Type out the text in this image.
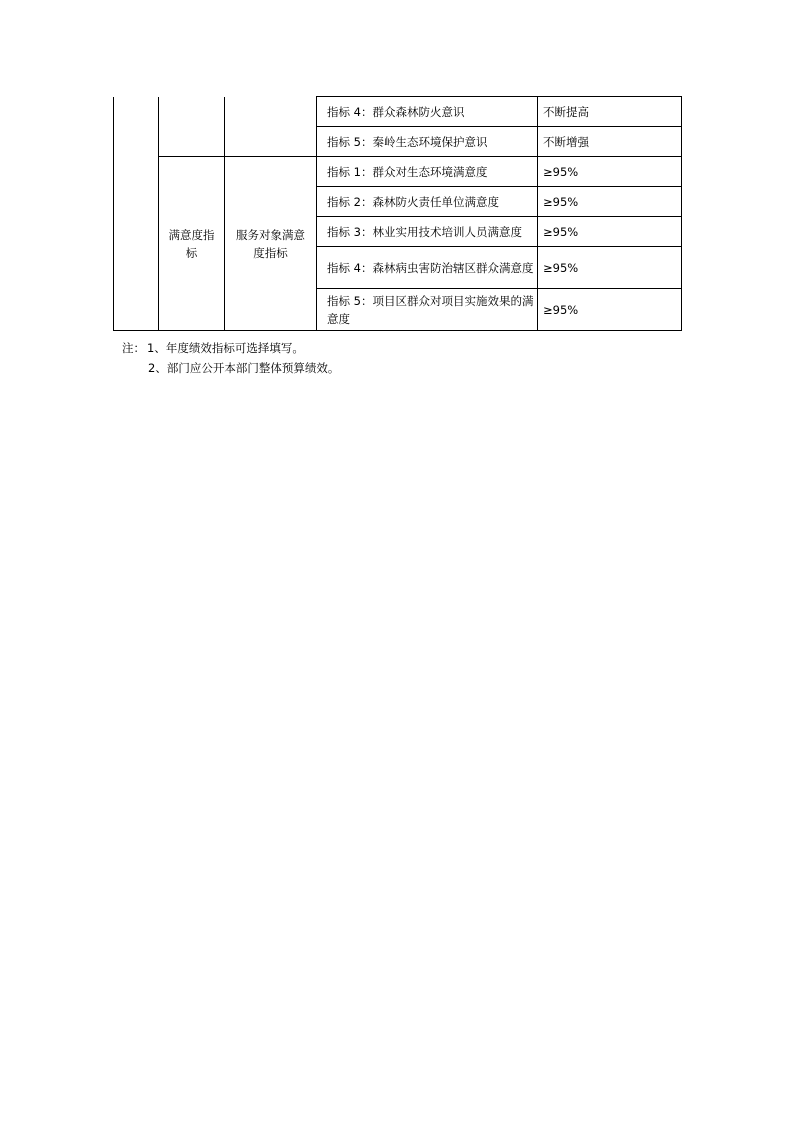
			指标 4：群众森林防火意识	不断提高
			指标 5：秦岭生态环境保护意识	不断增强
	满意度指标	服务对象满意度指标	指标 1：群众对生态环境满意度	≥95%
			指标 2：森林防火责任单位满意度	≥95%
			指标 3：林业实用技术培训人员满意度	≥95%
			指标 4：森林病虫害防治辖区群众满意度	≥95%
			指标 5：项目区群众对项目实施效果的满意度	≥95%
注： 1、年度绩效指标可选择填写。
2、部门应公开本部门整体预算绩效。
